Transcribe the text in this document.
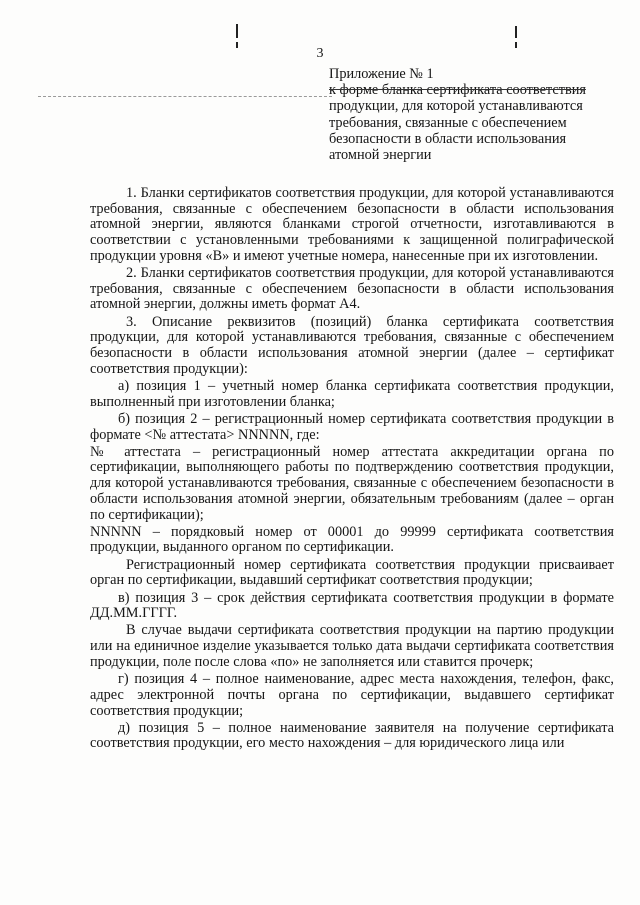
3
Приложение № 1
к форме бланка сертификата соответствия
продукции, для которой устанавливаются
требования, связанные с обеспечением
безопасности в области использования
атомной энергии

1. Бланки сертификатов соответствия продукции, для которой устанавливаются требования, связанные с обеспечением безопасности в области использования атомной энергии, являются бланками строгой отчетности, изготавливаются в соответствии с установленными требованиями к защищенной полиграфической продукции уровня «В» и имеют учетные номера, нанесенные при их изготовлении.

2. Бланки сертификатов соответствия продукции, для которой устанавливаются требования, связанные с обеспечением безопасности в области использования атомной энергии, должны иметь формат А4.

3. Описание реквизитов (позиций) бланка сертификата соответствия продукции, для которой устанавливаются требования, связанные с обеспечением безопасности в области использования атомной энергии (далее – сертификат соответствия продукции):

а) позиция 1 – учетный номер бланка сертификата соответствия продукции, выполненный при изготовлении бланка;

б) позиция 2 – регистрационный номер сертификата соответствия продукции в формате <№ аттестата> NNNNN, где:

№ аттестата – регистрационный номер аттестата аккредитации органа по сертификации, выполняющего работы по подтверждению соответствия продукции, для которой устанавливаются требования, связанные с обеспечением безопасности в области использования атомной энергии, обязательным требованиям (далее – орган по сертификации);

NNNNN – порядковый номер от 00001 до 99999 сертификата соответствия продукции, выданного органом по сертификации.

Регистрационный номер сертификата соответствия продукции присваивает орган по сертификации, выдавший сертификат соответствия продукции;

в) позиция 3 – срок действия сертификата соответствия продукции в формате ДД.ММ.ГГГГ.

В случае выдачи сертификата соответствия продукции на партию продукции или на единичное изделие указывается только дата выдачи сертификата соответствия продукции, поле после слова «по» не заполняется или ставится прочерк;

г) позиция 4 – полное наименование, адрес места нахождения, телефон, факс, адрес электронной почты органа по сертификации, выдавшего сертификат соответствия продукции;

д) позиция 5 – полное наименование заявителя на получение сертификата соответствия продукции, его место нахождения – для юридического лица или
